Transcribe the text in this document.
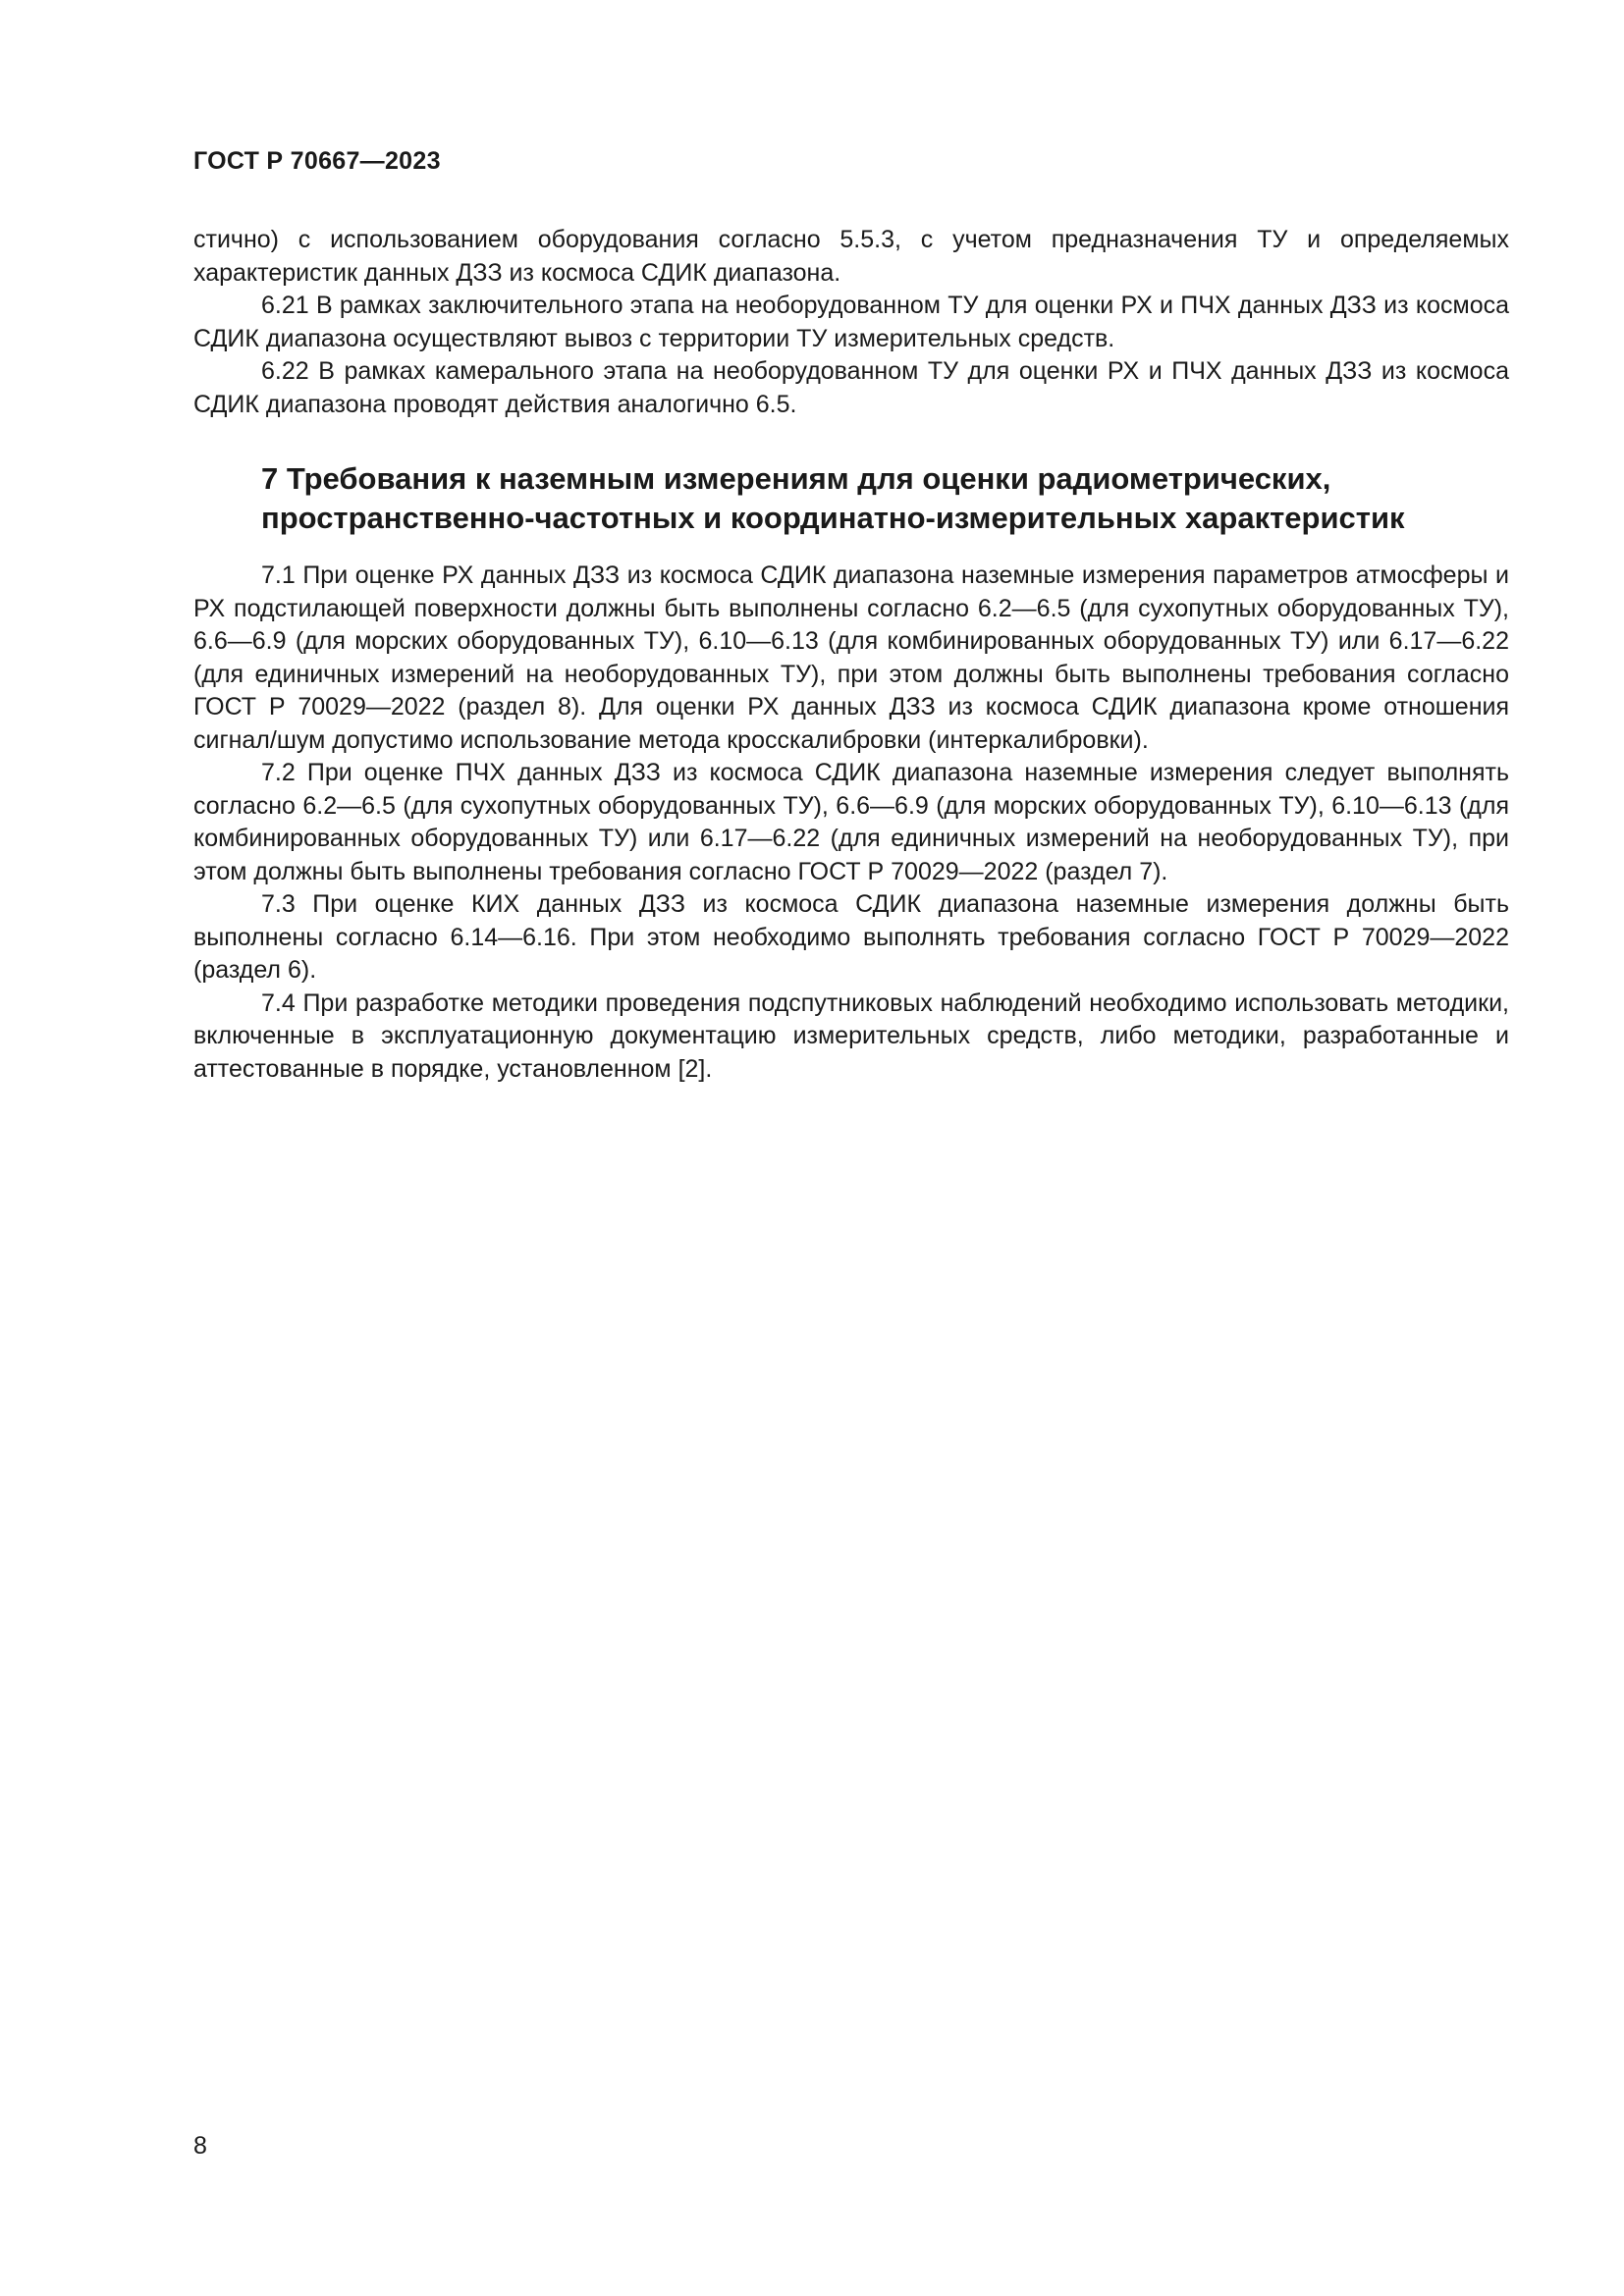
ГОСТ Р 70667—2023

стично) с использованием оборудования согласно 5.5.3, с учетом предназначения ТУ и определяемых характеристик данных ДЗЗ из космоса СДИК диапазона.

6.21 В рамках заключительного этапа на необорудованном ТУ для оценки РХ и ПЧХ данных ДЗЗ из космоса СДИК диапазона осуществляют вывоз с территории ТУ измерительных средств.

6.22 В рамках камерального этапа на необорудованном ТУ для оценки РХ и ПЧХ данных ДЗЗ из космоса СДИК диапазона проводят действия аналогично 6.5.

7 Требования к наземным измерениям для оценки радиометрических, пространственно-частотных и координатно-измерительных характеристик

7.1 При оценке РХ данных ДЗЗ из космоса СДИК диапазона наземные измерения параметров атмосферы и РХ подстилающей поверхности должны быть выполнены согласно 6.2—6.5 (для сухопутных оборудованных ТУ), 6.6—6.9 (для морских оборудованных ТУ), 6.10—6.13 (для комбинированных оборудованных ТУ) или 6.17—6.22 (для единичных измерений на необорудованных ТУ), при этом должны быть выполнены требования согласно ГОСТ Р 70029—2022 (раздел 8). Для оценки РХ данных ДЗЗ из космоса СДИК диапазона кроме отношения сигнал/шум допустимо использование метода кросскалибровки (интеркалибровки).

7.2 При оценке ПЧХ данных ДЗЗ из космоса СДИК диапазона наземные измерения следует выполнять согласно 6.2—6.5 (для сухопутных оборудованных ТУ), 6.6—6.9 (для морских оборудованных ТУ), 6.10—6.13 (для комбинированных оборудованных ТУ) или 6.17—6.22 (для единичных измерений на необорудованных ТУ), при этом должны быть выполнены требования согласно ГОСТ Р 70029—2022 (раздел 7).

7.3 При оценке КИХ данных ДЗЗ из космоса СДИК диапазона наземные измерения должны быть выполнены согласно 6.14—6.16. При этом необходимо выполнять требования согласно ГОСТ Р 70029—2022 (раздел 6).

7.4 При разработке методики проведения подспутниковых наблюдений необходимо использовать методики, включенные в эксплуатационную документацию измерительных средств, либо методики, разработанные и аттестованные в порядке, установленном [2].

8
